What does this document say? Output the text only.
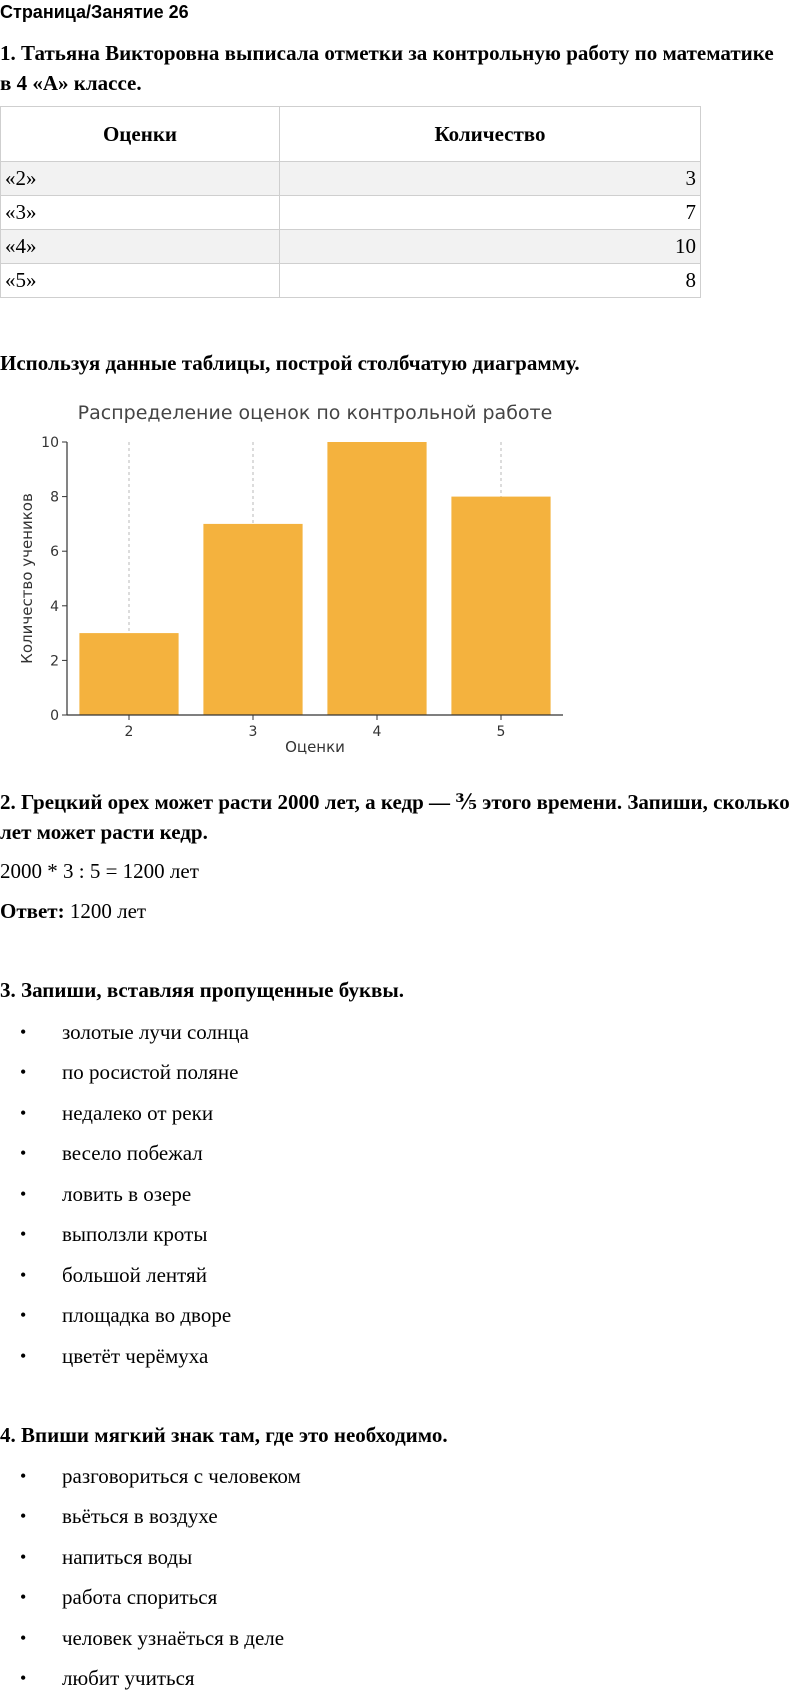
Страница/Занятие 26
1. Татьяна Викторовна выписала отметки за контрольную работу по математике в 4 «А» классе.
Оценки	Количество
«2»	3
«3»	7
«4»	10
«5»	8
Используя данные таблицы, построй столбчатую диаграмму.
0
2
4
6
8
10
2	3	4	5
Распределение оценок по контрольной работе
Оценки
Количество учеников
2. Грецкий орех может расти 2000 лет, а кедр — ⅗ этого времени. Запиши, сколько лет может расти кедр.
2000 * 3 : 5 = 1200 лет
Ответ: 1200 лет
3. Запиши, вставляя пропущенные буквы.
•	золотые лучи солнца
•	по росистой поляне
•	недалеко от реки
•	весело побежал
•	ловить в озере
•	выползли кроты
•	большой лентяй
•	площадка во дворе
•	цветёт черёмуха
4. Впиши мягкий знак там, где это необходимо.
•	разговориться с человеком
•	вьёться в воздухе
•	напиться воды
•	работа спориться
•	человек узнаёться в деле
•	любит учиться
